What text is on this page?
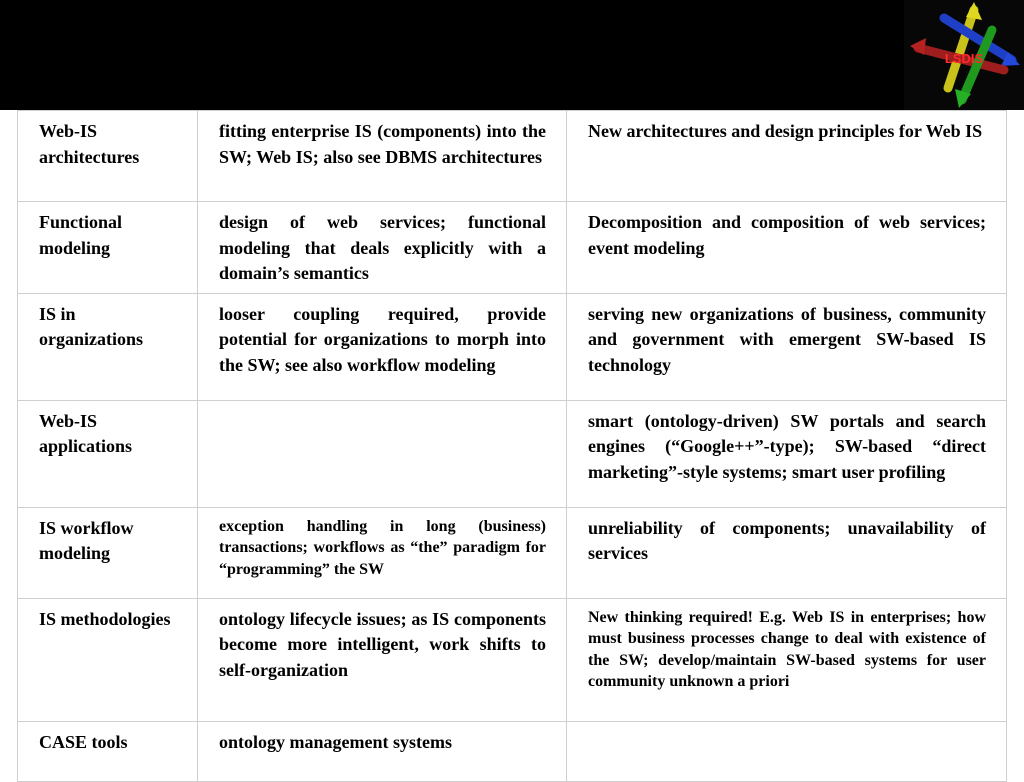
LSDIS
Web-IS architectures	fitting enterprise IS (components) into the SW; Web IS; also see DBMS architectures	New architectures and design principles for Web IS
Functional modeling	design of web services; functional modeling that deals explicitly with a domain’s semantics	Decomposition and composition of web services; event modeling
IS in organizations	looser coupling required, provide potential for organizations to morph into the SW; see also workflow modeling	serving new organizations of business, community and government with emergent SW-based IS technology
Web-IS applications		smart (ontology-driven) SW portals and search engines (“Google++”-type); SW-based “direct marketing”-style systems; smart user profiling
IS workflow modeling	exception handling in long (business) transactions; workflows as “the” paradigm for “programming” the SW	unreliability of components; unavailability of services
IS methodologies	ontology lifecycle issues; as IS components become more intelligent, work shifts to self-organization	New thinking required! E.g. Web IS in enterprises; how must business processes change to deal with existence of the SW; develop/maintain SW-based systems for user community unknown a priori
CASE tools	ontology management systems	
